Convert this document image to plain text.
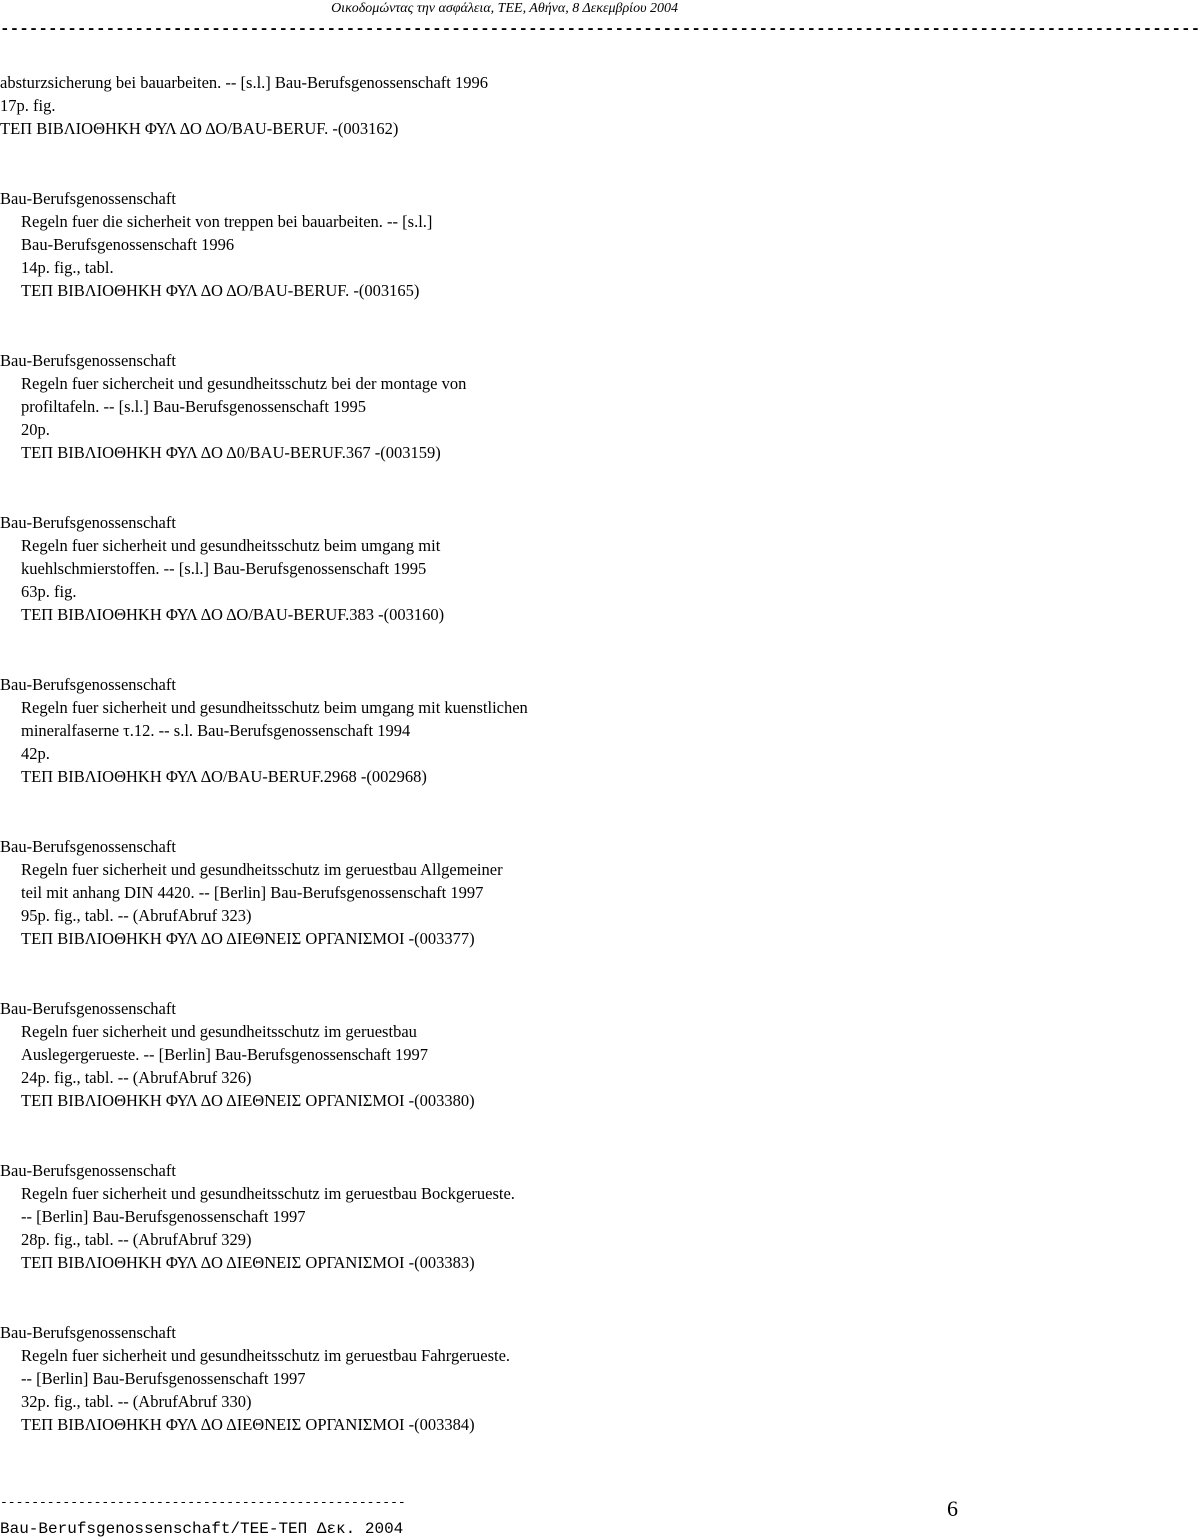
Οικοδομώντας την ασφάλεια, ΤΕΕ, Αθήνα, 8 Δεκεμβρίου 2004
-----------------------------------------------------------------------------------------------------------------------------
absturzsicherung bei bauarbeiten. -- [s.l.] Bau-Berufsgenossenschaft 1996
17p. fig.
ΤΕΠ ΒΙΒΛΙΟΘΗΚΗ ΦΥΛ ΔΟ ΔΟ/BAU-BERUF. -(003162)
Bau-Berufsgenossenschaft
Regeln fuer die sicherheit von treppen bei bauarbeiten. -- [s.l.]
Bau-Berufsgenossenschaft 1996
14p. fig., tabl.
ΤΕΠ ΒΙΒΛΙΟΘΗΚΗ ΦΥΛ ΔΟ ΔΟ/BAU-BERUF. -(003165)
Bau-Berufsgenossenschaft
Regeln fuer sichercheit und gesundheitsschutz bei der montage von
profiltafeln. -- [s.l.] Bau-Berufsgenossenschaft 1995
20p.
ΤΕΠ ΒΙΒΛΙΟΘΗΚΗ ΦΥΛ ΔΟ Δ0/BAU-BERUF.367 -(003159)
Bau-Berufsgenossenschaft
Regeln fuer sicherheit und gesundheitsschutz beim umgang mit
kuehlschmierstoffen. -- [s.l.] Bau-Berufsgenossenschaft 1995
63p. fig.
ΤΕΠ ΒΙΒΛΙΟΘΗΚΗ ΦΥΛ ΔΟ ΔΟ/BAU-BERUF.383 -(003160)
Bau-Berufsgenossenschaft
Regeln fuer sicherheit und gesundheitsschutz beim umgang mit kuenstlichen
mineralfaserne τ.12. -- s.l. Bau-Berufsgenossenschaft 1994
42p.
ΤΕΠ ΒΙΒΛΙΟΘΗΚΗ ΦΥΛ ΔΟ/BAU-BERUF.2968 -(002968)
Bau-Berufsgenossenschaft
Regeln fuer sicherheit und gesundheitsschutz im geruestbau Allgemeiner
teil mit anhang DIN 4420. -- [Berlin] Bau-Berufsgenossenschaft 1997
95p. fig., tabl. -- (AbrufAbruf 323)
ΤΕΠ ΒΙΒΛΙΟΘΗΚΗ ΦΥΛ ΔΟ ΔΙΕΘΝΕΙΣ ΟΡΓΑΝΙΣΜΟΙ -(003377)
Bau-Berufsgenossenschaft
Regeln fuer sicherheit und gesundheitsschutz im geruestbau
Auslegergerueste. -- [Berlin] Bau-Berufsgenossenschaft 1997
24p. fig., tabl. -- (AbrufAbruf 326)
ΤΕΠ ΒΙΒΛΙΟΘΗΚΗ ΦΥΛ ΔΟ ΔΙΕΘΝΕΙΣ ΟΡΓΑΝΙΣΜΟΙ -(003380)
Bau-Berufsgenossenschaft
Regeln fuer sicherheit und gesundheitsschutz im geruestbau Bockgerueste.
-- [Berlin] Bau-Berufsgenossenschaft 1997
28p. fig., tabl. -- (AbrufAbruf 329)
ΤΕΠ ΒΙΒΛΙΟΘΗΚΗ ΦΥΛ ΔΟ ΔΙΕΘΝΕΙΣ ΟΡΓΑΝΙΣΜΟΙ -(003383)
Bau-Berufsgenossenschaft
Regeln fuer sicherheit und gesundheitsschutz im geruestbau Fahrgerueste.
-- [Berlin] Bau-Berufsgenossenschaft 1997
32p. fig., tabl. -- (AbrufAbruf 330)
ΤΕΠ ΒΙΒΛΙΟΘΗΚΗ ΦΥΛ ΔΟ ΔΙΕΘΝΕΙΣ ΟΡΓΑΝΙΣΜΟΙ -(003384)
----------------------------------------------------
Bau-Berufsgenossenschaft/ΤΕΕ-ΤΕΠ Δεκ. 2004
6
